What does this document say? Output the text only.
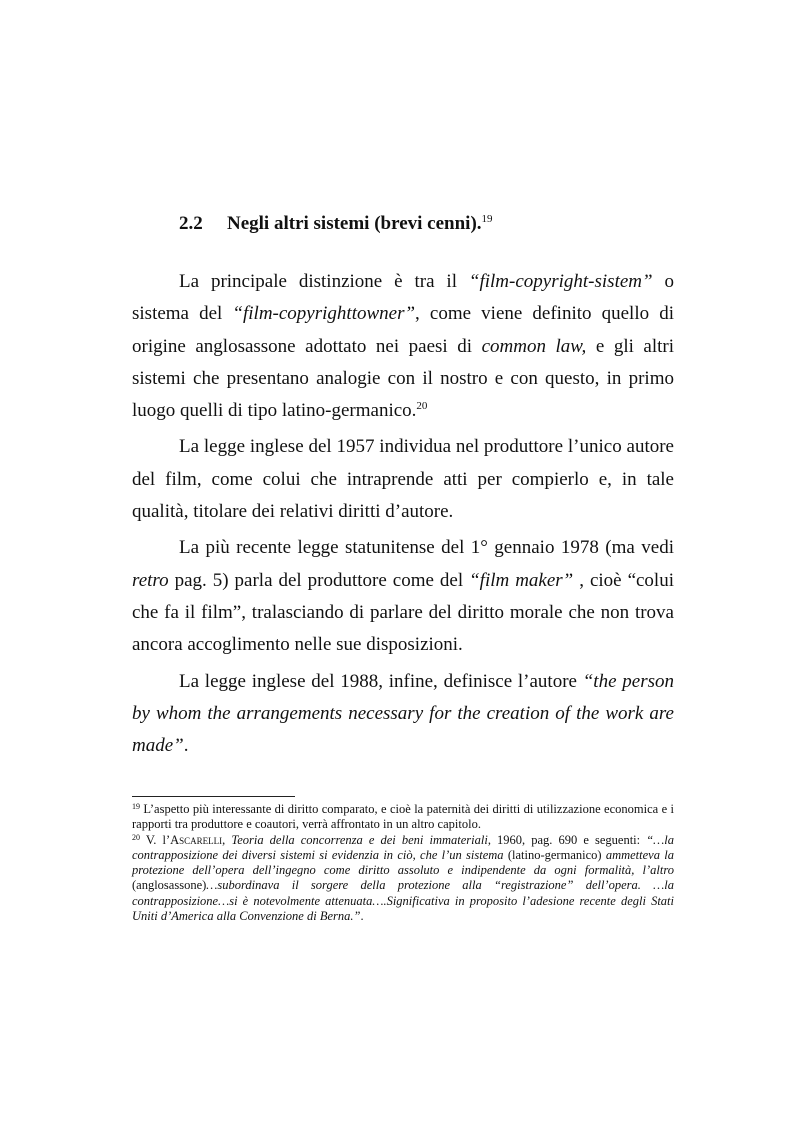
2.2 Negli altri sistemi (brevi cenni).$^{19}$

La principale distinzione è tra il “film-copyright-sistem” o sistema del “film-copyrighttowner”, come viene definito quello di origine anglosassone adottato nei paesi di common law, e gli altri sistemi che presentano analogie con il nostro e con questo, in primo luogo quelli di tipo latino-germanico.$^{20}$

La legge inglese del 1957 individua nel produttore l’unico autore del film, come colui che intraprende atti per compierlo e, in tale qualità, titolare dei relativi diritti d’autore.

La più recente legge statunitense del 1° gennaio 1978 (ma vedi retro pag. 5) parla del produttore come del “film maker” , cioè “colui che fa il film”, tralasciando di parlare del diritto morale che non trova ancora accoglimento nelle sue disposizioni.

La legge inglese del 1988, infine, definisce l’autore “the person by whom the arrangements necessary for the creation of the work are made”.

$^{19}$ L’aspetto più interessante di diritto comparato, e cioè la paternità dei diritti di utilizzazione economica e i rapporti tra produttore e coautori, verrà affrontato in un altro capitolo.

$^{20}$ V. l’Ascarelli, Teoria della concorrenza e dei beni immateriali, 1960, pag. 690 e seguenti: “…la contrapposizione dei diversi sistemi si evidenzia in ciò, che l’un sistema (latino-germanico) ammetteva la protezione dell’opera dell’ingegno come diritto assoluto e indipendente da ogni formalità, l’altro (anglosassone)…subordinava il sorgere della protezione alla “registrazione” dell’opera. …la contrapposizione…si è notevolmente attenuata….Significativa in proposito l’adesione recente degli Stati Uniti d’America alla Convenzione di Berna.”.
